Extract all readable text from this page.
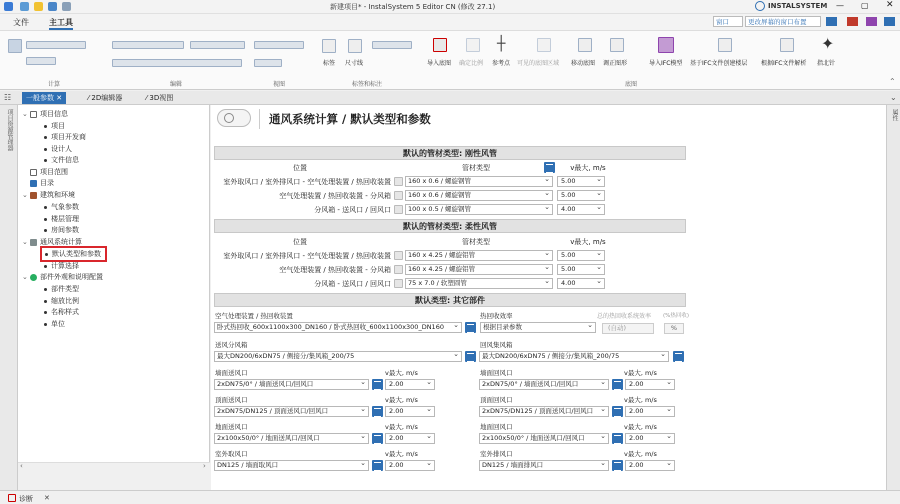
新建项目* - InstalSystem 5 Editor CN (修改 27.1)	INSTALSYSTEM — ▢ ✕
文件	主工具	窗口	更改屏幕的窗口布置
计算	编辑	视图
标签 尺寸线
标签和标注
导入底图 确定比例
┼
参考点 可见的底图区域 移动底图 调正图形
底图
导入IFC模型 基于IFC文件创建楼层 根据IFC文件解析
✦
指北针
⌃
☷	一般参数 ✕	⁄ 2D编辑器	⁄ 3D视图	⌄
项目资源管理器 ⌄ 项目信息
项目
项目开发商
设计人
文件信息
项目范围
目录
⌄ 建筑和环境
气象参数
楼层管理
房间参数
⌄ 通风系统计算
默认类型和参数
计算选择
⌄ 部件外观和说明配置
部件类型
缩放比例
名称样式
单位
‹	›
通风系统计算 / 默认类型和参数
默认的管材类型: 刚性风管
位置	管材类型	v最大, m/s
室外取风口 / 室外排风口 - 空气处理装置 / 热回收装置	160 x 0.6 / 螺旋钢管 ⌄	5.00 ⌄
空气处理装置 / 热回收装置 - 分风箱	160 x 0.6 / 螺旋钢管 ⌄	5.00 ⌄
分风箱 - 送风口 / 回风口	100 x 0.5 / 螺旋钢管 ⌄	4.00 ⌄
默认的管材类型: 柔性风管
位置	管材类型	v最大, m/s
室外取风口 / 室外排风口 - 空气处理装置 / 热回收装置	160 x 4.25 / 螺旋铝管 ⌄	5.00 ⌄
空气处理装置 / 热回收装置 - 分风箱	160 x 4.25 / 螺旋铝管 ⌄	5.00 ⌄
分风箱 - 送风口 / 回风口	75 x 7.0 / 软塑圆管 ⌄	4.00 ⌄
默认类型: 其它部件
空气处理装置 / 热回收装置
卧式热回收_600x1100x300_DN160 / 卧式热回收_600x1100x300_DN160 ⌄
热回收效率
根据目录参数 ⌄
总的热回收系统效率 (%热回收)
(自动)	%
送风分风箱
最大DN200/6xDN75 / 侧接分/集风箱_200/75 ⌄
回风集风箱
最大DN200/6xDN75 / 侧接分/集风箱_200/75 ⌄
墙面送风口	v最大, m/s
2xDN75/0° / 墙面送风口/回风口 ⌄	2.00 ⌄
墙面回风口	v最大, m/s
2xDN75/0° / 墙面送风口/回风口 ⌄	2.00 ⌄
顶面送风口	v最大, m/s
2xDN75/DN125 / 顶面送风口/回风口 ⌄	2.00 ⌄
顶面回风口	v最大, m/s
2xDN75/DN125 / 顶面送风口/回风口 ⌄	2.00 ⌄
地面送风口	v最大, m/s
2x100x50/0° / 地面送风口/回风口 ⌄	2.00 ⌄
地面回风口	v最大, m/s
2x100x50/0° / 地面送风口/回风口 ⌄	2.00 ⌄
室外取风口	v最大, m/s
DN125 / 墙面取风口 ⌄	2.00 ⌄
室外排风口	v最大, m/s
DN125 / 墙面排风口 ⌄	2.00 ⌄
属性
诊断 ✕
